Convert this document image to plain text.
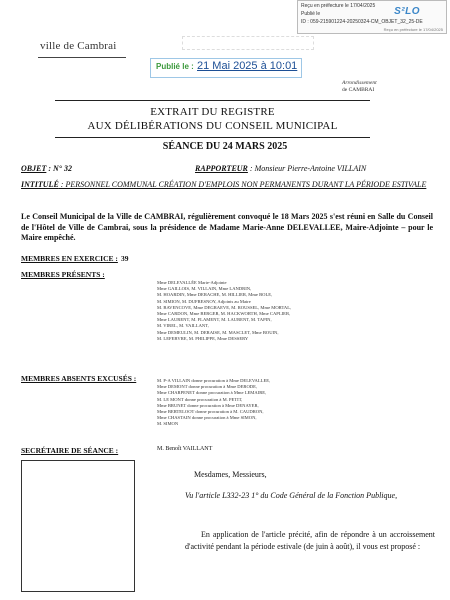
Reçu en préfecture le 17/04/2025
Publié le
ID : 059-215901224-20250324-CM_OBJET_32_25-DE
Reçu en préfecture le 17/04/2025
S²LO
ville de Cambrai
Publié le : 21 Mai 2025 à 10:01
Arrondissement
de CAMBRAI
EXTRAIT DU REGISTRE
AUX DÉLIBÉRATIONS DU CONSEIL MUNICIPAL
SÉANCE DU 24 MARS 2025
OBJET : N° 32	RAPPORTEUR : Monsieur Pierre-Antoine VILLAIN
INTITULÉ : PERSONNEL COMMUNAL CRÉATION D'EMPLOIS NON PERMANENTS DURANT LA PÉRIODE ESTIVALE
Le Conseil Municipal de la Ville de CAMBRAI, régulièrement convoqué le 18 Mars 2025 s'est réuni en Salle du Conseil de l'Hôtel de Ville de Cambrai, sous la présidence de Madame Marie-Anne DELEVALLEE, Maire-Adjointe – pour le Maire empêché.
MEMBRES EN EXERCICE : 39
MEMBRES PRÉSENTS :
Mme DELEVALLÉE Marie-Adjointe
Mme GAILLOIS, M. VILLAIN, Mme LANDRIN,
M. HOARDIN, Mme DERACHE, M. HILLIER, Mme BOLE,
M. SIMION, M. DUFRESNOY, Adjoints au Maire
M. BAVENCOVE, Mme DEGRAEVE, M. ROUSSEL, Mme MORTAL,
Mme CARDON, Mme BERGER, M. HACKWORTH, Mme CAPLIER,
Mme LAURENT, M. FLAMENT, M. LAURENT, M. TAPIN,
M. VIREL, M. VAILLANT,
Mme DEMEULIN, M. DERAISE, M. MASCLET, Mme BOUIN,
M. LEFEBVRE, M. PHILIPPE, Mme DESSERY
MEMBRES ABSENTS EXCUSÉS :	M. P-A VILLAIN donne procuration à Mme DELEVALLEE,
Mme DEMONT donne procuration à Mme DERODE,
Mme CHARPENET donne procuration à Mme LEMAIRE,
M. LE MONT donne procuration à M. PETIT,
Mme BRUNET donne procuration à Mme DENAYER,
Mme BERTELOOT donne procuration à M. CAUDRON,
Mme CHASTAIN donne procuration à Mme SIMON,
M. SIMON
SECRÉTAIRE DE SÉANCE :	M. Benoît VAILLANT
Mesdames, Messieurs,
Vu l'article L332-23 1° du Code Général de la Fonction Publique,
En application de l'article précité, afin de répondre à un accroissement d'activité pendant la période estivale (de juin à août), il vous est proposé :
